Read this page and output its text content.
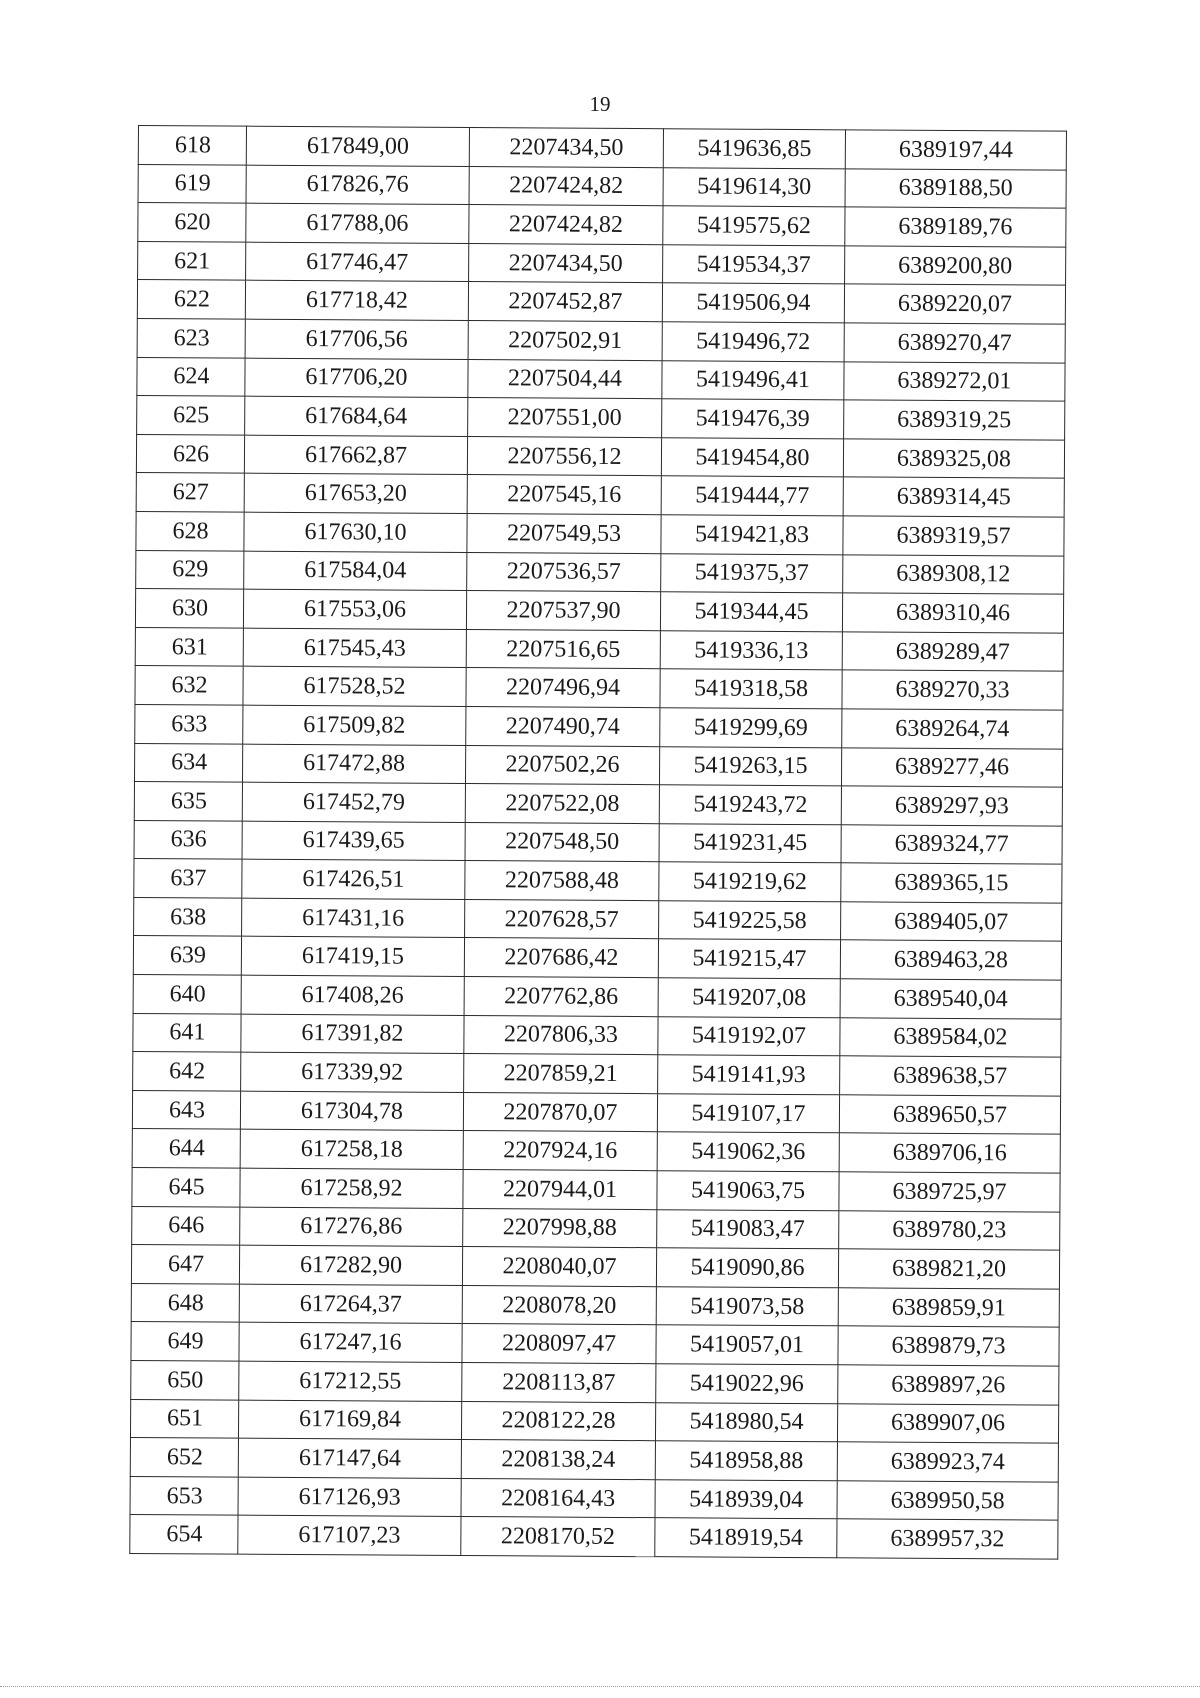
19
618	617849,00	2207434,50	5419636,85	6389197,44
619	617826,76	2207424,82	5419614,30	6389188,50
620	617788,06	2207424,82	5419575,62	6389189,76
621	617746,47	2207434,50	5419534,37	6389200,80
622	617718,42	2207452,87	5419506,94	6389220,07
623	617706,56	2207502,91	5419496,72	6389270,47
624	617706,20	2207504,44	5419496,41	6389272,01
625	617684,64	2207551,00	5419476,39	6389319,25
626	617662,87	2207556,12	5419454,80	6389325,08
627	617653,20	2207545,16	5419444,77	6389314,45
628	617630,10	2207549,53	5419421,83	6389319,57
629	617584,04	2207536,57	5419375,37	6389308,12
630	617553,06	2207537,90	5419344,45	6389310,46
631	617545,43	2207516,65	5419336,13	6389289,47
632	617528,52	2207496,94	5419318,58	6389270,33
633	617509,82	2207490,74	5419299,69	6389264,74
634	617472,88	2207502,26	5419263,15	6389277,46
635	617452,79	2207522,08	5419243,72	6389297,93
636	617439,65	2207548,50	5419231,45	6389324,77
637	617426,51	2207588,48	5419219,62	6389365,15
638	617431,16	2207628,57	5419225,58	6389405,07
639	617419,15	2207686,42	5419215,47	6389463,28
640	617408,26	2207762,86	5419207,08	6389540,04
641	617391,82	2207806,33	5419192,07	6389584,02
642	617339,92	2207859,21	5419141,93	6389638,57
643	617304,78	2207870,07	5419107,17	6389650,57
644	617258,18	2207924,16	5419062,36	6389706,16
645	617258,92	2207944,01	5419063,75	6389725,97
646	617276,86	2207998,88	5419083,47	6389780,23
647	617282,90	2208040,07	5419090,86	6389821,20
648	617264,37	2208078,20	5419073,58	6389859,91
649	617247,16	2208097,47	5419057,01	6389879,73
650	617212,55	2208113,87	5419022,96	6389897,26
651	617169,84	2208122,28	5418980,54	6389907,06
652	617147,64	2208138,24	5418958,88	6389923,74
653	617126,93	2208164,43	5418939,04	6389950,58
654	617107,23	2208170,52	5418919,54	6389957,32
